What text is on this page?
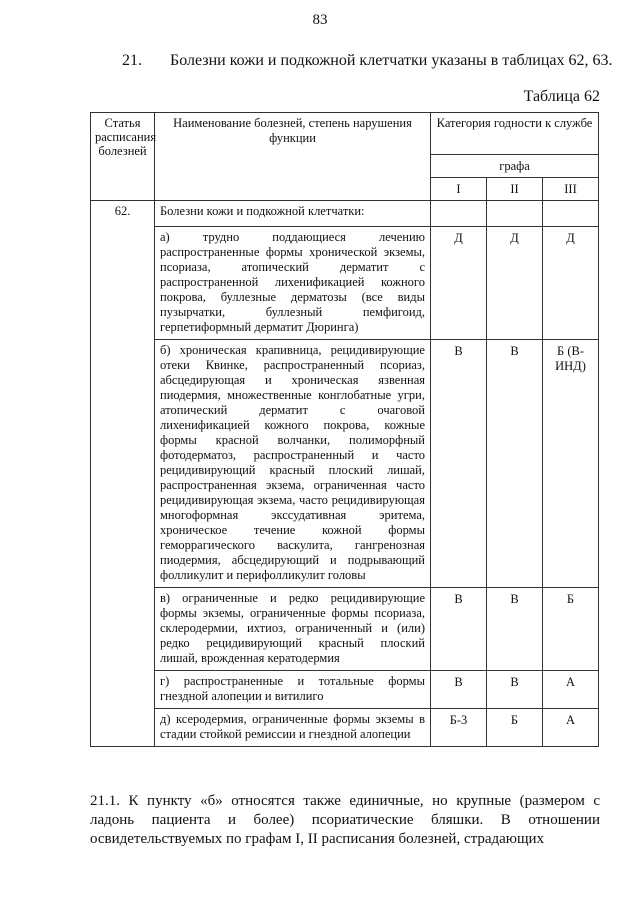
83
21. Болезни кожи и подкожной клетчатки указаны в таблицах 62, 63.
Таблица 62
Статья расписания болезней	Наименование болезней, степень нарушения функции	Категория годности к службе		
		графа		
		I	II	III
62.	Болезни кожи и подкожной клетчатки:			
	а) трудно поддающиеся лечению распространенные формы хронической экземы, псориаза, атопический дерматит с распространенной лихенификацией кожного покрова, буллезные дерматозы (все виды пузырчатки, буллезный пемфигоид, герпетиформный дерматит Дюринга)	Д	Д	Д
	б) хроническая крапивница, рецидивирующие отеки Квинке, распространенный псориаз, абсцедирующая и хроническая язвенная пиодермия, множественные конглобатные угри, атопический дерматит с очаговой лихенификацией кожного покрова, кожные формы красной волчанки, полиморфный фотодерматоз, распространенный и часто рецидивирующий красный плоский лишай, распространенная экзема, ограниченная часто рецидивирующая экзема, часто рецидивирующая многоформная экссудативная эритема, хроническое течение кожной формы геморрагического васкулита, гангренозная пиодермия, абсцедирующий и подрывающий фолликулит и перифолликулит головы	В	В	Б (В-ИНД)
	в) ограниченные и редко рецидивирующие формы экземы, ограниченные формы псориаза, склеродермии, ихтиоз, ограниченный и (или) редко рецидивирующий красный плоский лишай, врожденная кератодермия	В	В	Б
	г) распространенные и тотальные формы гнездной алопеции и витилиго	В	В	А
	д) ксеродермия, ограниченные формы экземы в стадии стойкой ремиссии и гнездной алопеции	Б-3	Б	А
21.1. К пункту «б» относятся также единичные, но крупные (размером с ладонь пациента и более) псориатические бляшки. В отношении освидетельствуемых по графам I, II расписания болезней, страдающих
